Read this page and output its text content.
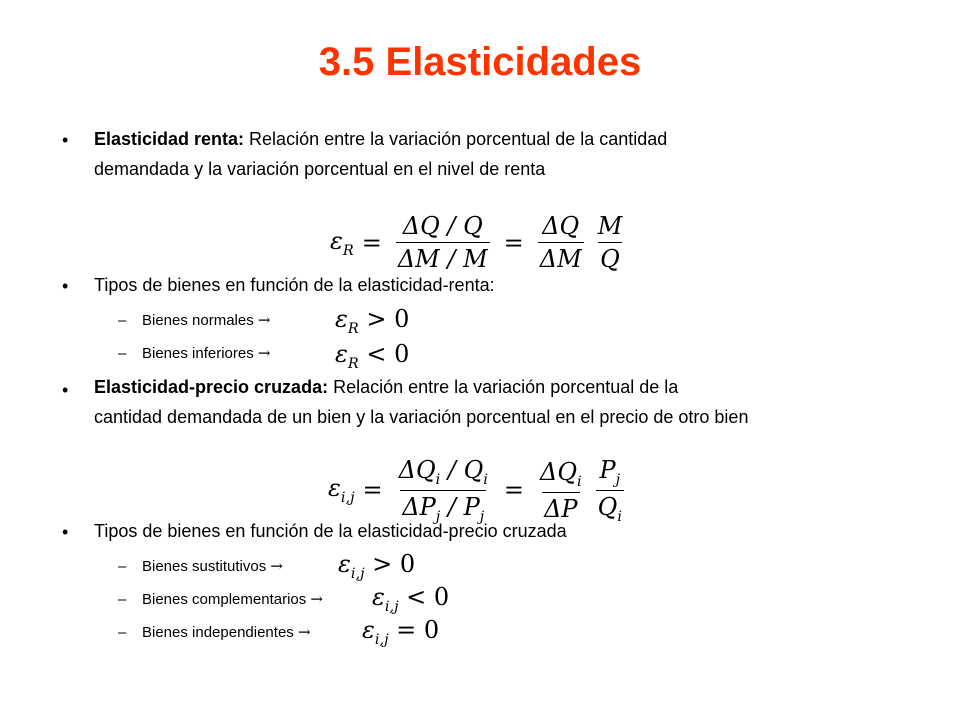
3.5 Elasticidades
• Elasticidad renta: Relación entre la variación porcentual de la cantidad
demandada y la variación porcentual en el nivel de renta
$\varepsilon_R = \frac{\Delta Q / Q}{\Delta M / M} = \frac{\Delta Q}{\Delta M} \frac{M}{Q}$
• Tipos de bienes en función de la elasticidad-renta:
– Bienes normales →	$\varepsilon_R > 0$
– Bienes inferiores →	$\varepsilon_R < 0$
• Elasticidad-precio cruzada: Relación entre la variación porcentual de la
cantidad demandada de un bien y la variación porcentual en el precio de otro bien
$\varepsilon_{i,j} = \frac{\Delta Q_i / Q_i}{\Delta P_j / P_j} = \frac{\Delta Q_i}{\Delta P} \frac{P_j}{Q_i}$
• Tipos de bienes en función de la elasticidad-precio cruzada
– Bienes sustitutivos → $\varepsilon_{i,j} > 0$
– Bienes complementarios → $\varepsilon_{i,j} < 0$
– Bienes independientes → $\varepsilon_{i,j} = 0$
